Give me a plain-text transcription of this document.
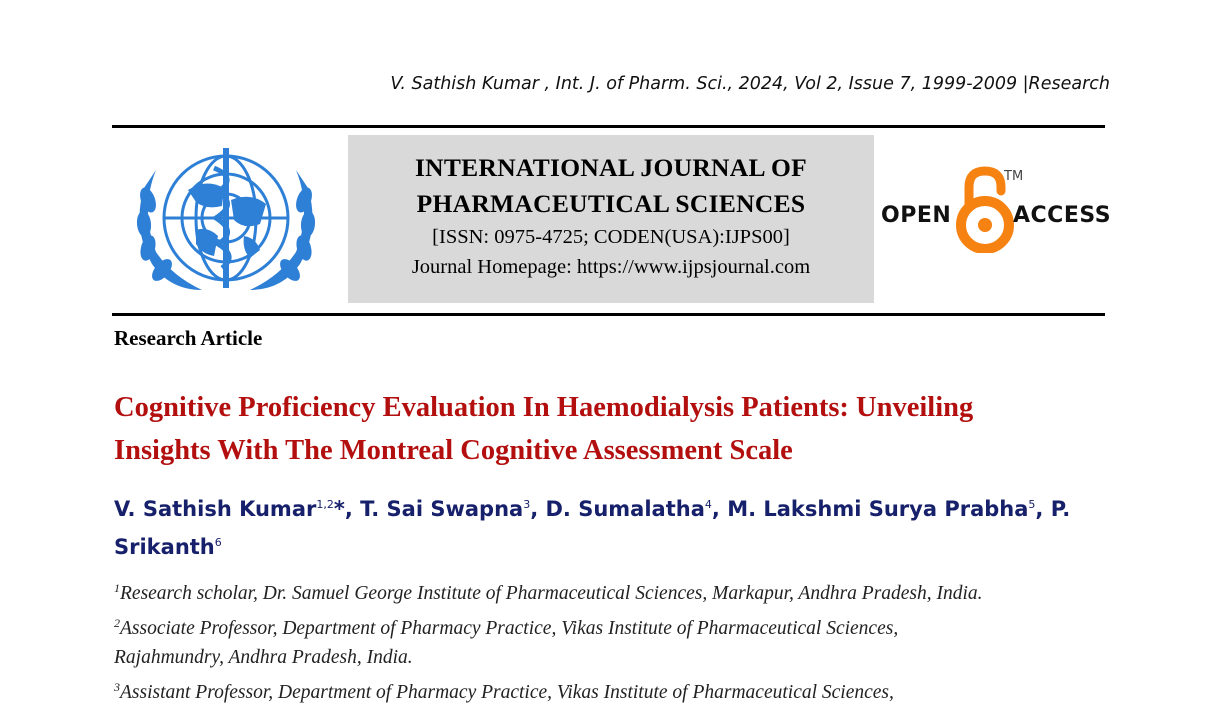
V. Sathish Kumar , Int. J. of Pharm. Sci., 2024, Vol 2, Issue 7, 1999-2009 |Research
INTERNATIONAL JOURNAL OF
PHARMACEUTICAL SCIENCES
[ISSN: 0975-4725; CODEN(USA):IJPS00]
Journal Homepage: https://www.ijpsjournal.com
OPEN
TM
ACCESS
Research Article
Cognitive Proficiency Evaluation In Haemodialysis Patients: Unveiling
Insights With The Montreal Cognitive Assessment Scale
V. Sathish Kumar$^{1,2}$*, T. Sai Swapna$^3$, D. Sumalatha$^4$, M. Lakshmi Surya Prabha$^5$, P. Srikanth$^6$
$^1$Research scholar, Dr. Samuel George Institute of Pharmaceutical Sciences, Markapur, Andhra Pradesh, India.
$^2$Associate Professor, Department of Pharmacy Practice, Vikas Institute of Pharmaceutical Sciences,
Rajahmundry, Andhra Pradesh, India.
$^3$Assistant Professor, Department of Pharmacy Practice, Vikas Institute of Pharmaceutical Sciences,
